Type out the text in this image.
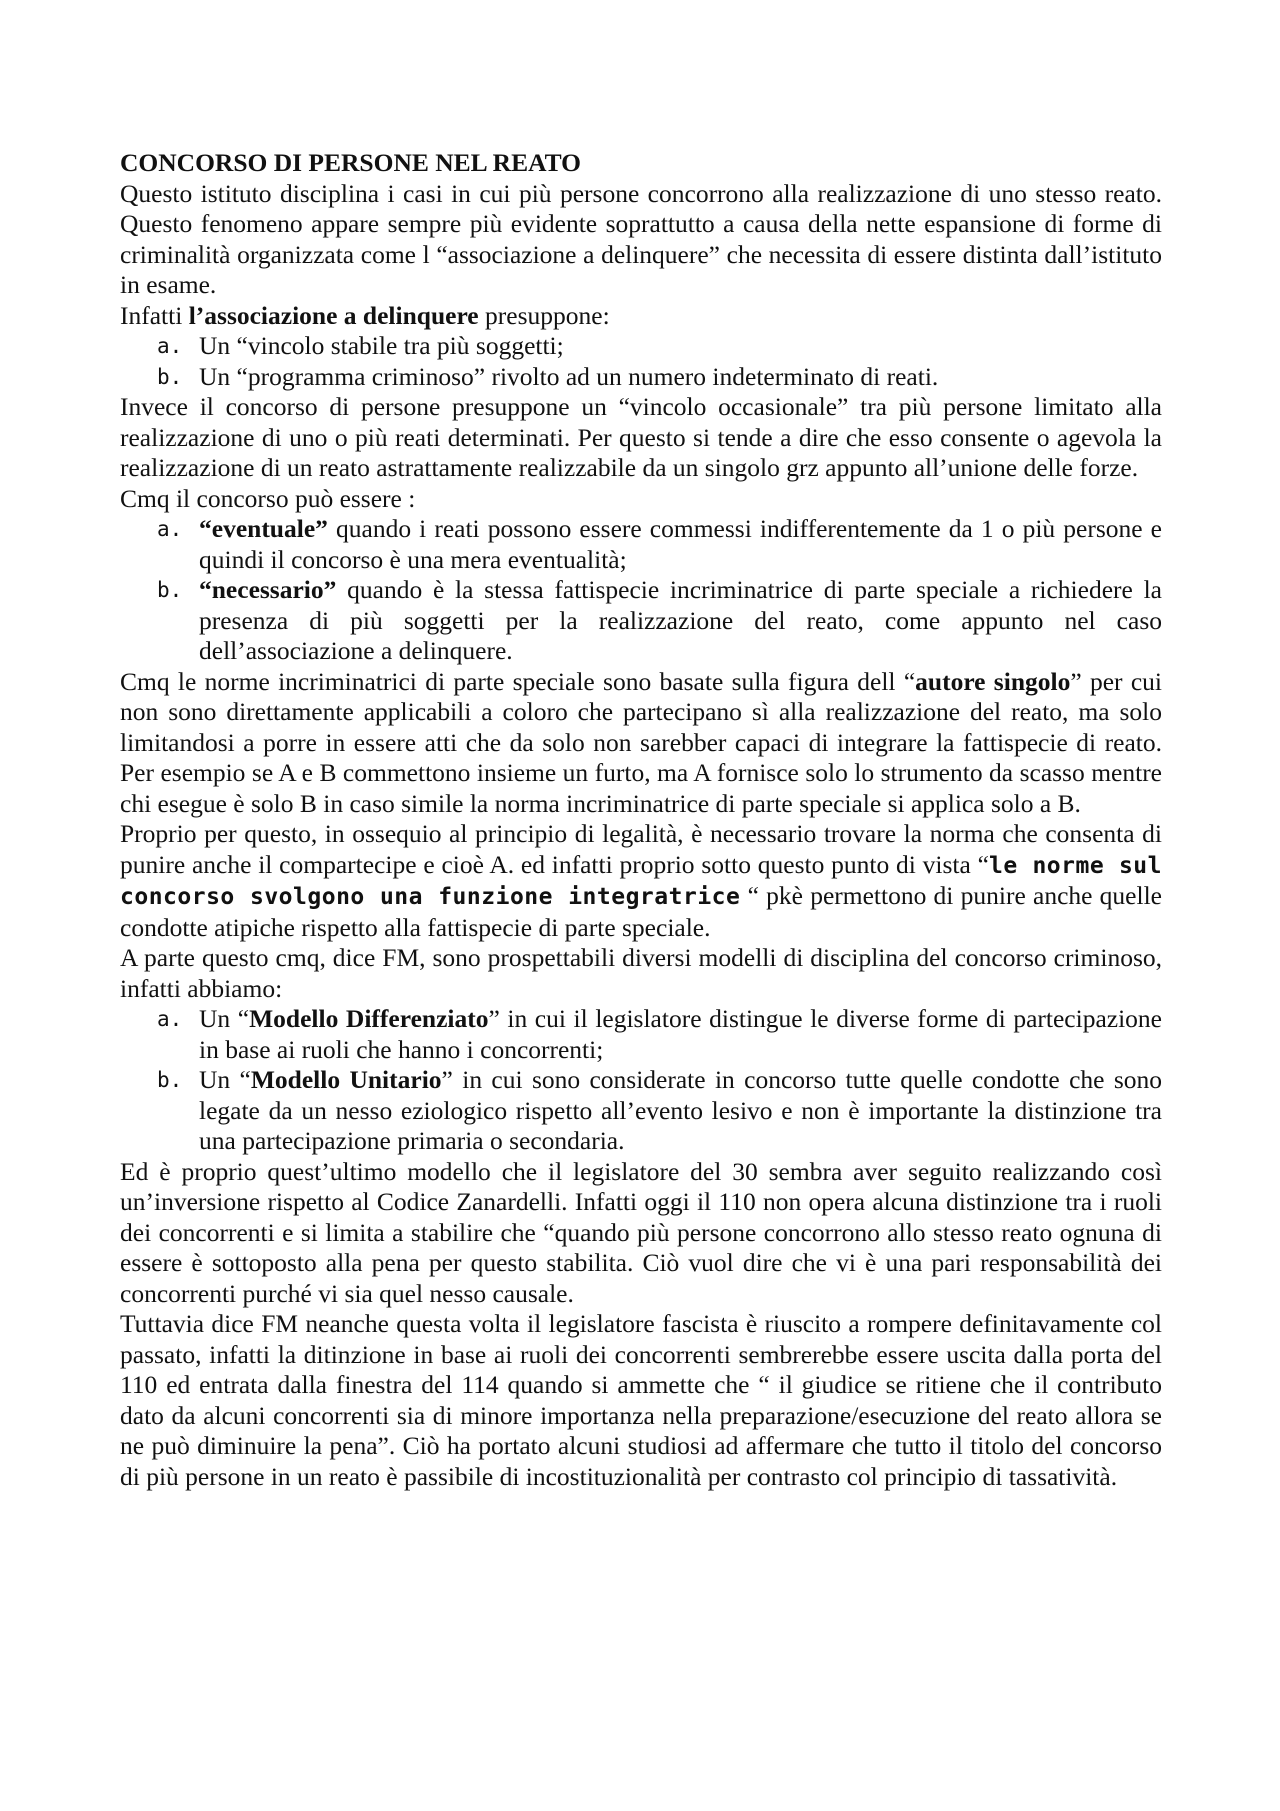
CONCORSO DI PERSONE NEL REATO

Questo istituto disciplina i casi in cui più persone concorrono alla realizzazione di uno stesso reato. Questo fenomeno appare sempre più evidente soprattutto a causa della nette espansione di forme di criminalità organizzata come l “associazione a delinquere” che necessita di essere distinta dall’istituto in esame.

Infatti l’associazione a delinquere presuppone:

a. Un “vincolo stabile tra più soggetti;
b. Un “programma criminoso” rivolto ad un numero indeterminato di reati.

Invece il concorso di persone presuppone un “vincolo occasionale” tra più persone limitato alla realizzazione di uno o più reati determinati. Per questo si tende a dire che esso consente o agevola la realizzazione di un reato astrattamente realizzabile da un singolo grz appunto all’unione delle forze.

Cmq il concorso può essere :

a. “eventuale” quando i reati possono essere commessi indifferentemente da 1 o più persone e quindi il concorso è una mera eventualità;
b. “necessario” quando è la stessa fattispecie incriminatrice di parte speciale a richiedere la presenza di più soggetti per la realizzazione del reato, come appunto nel caso dell’associazione a delinquere.

Cmq le norme incriminatrici di parte speciale sono basate sulla figura dell “autore singolo” per cui non sono direttamente applicabili a coloro che partecipano sì alla realizzazione del reato, ma solo limitandosi a porre in essere atti che da solo non sarebber capaci di integrare la fattispecie di reato. Per esempio se A e B commettono insieme un furto, ma A fornisce solo lo strumento da scasso mentre chi esegue è solo B in caso simile la norma incriminatrice di parte speciale si applica solo a B.

Proprio per questo, in ossequio al principio di legalità, è necessario trovare la norma che consenta di punire anche il compartecipe e cioè A. ed infatti proprio sotto questo punto di vista “le norme sul concorso svolgono una funzione integratrice “ pkè permettono di punire anche quelle condotte atipiche rispetto alla fattispecie di parte speciale.

A parte questo cmq, dice FM, sono prospettabili diversi modelli di disciplina del concorso criminoso, infatti abbiamo:

a. Un “Modello Differenziato” in cui il legislatore distingue le diverse forme di partecipazione in base ai ruoli che hanno i concorrenti;
b. Un “Modello Unitario” in cui sono considerate in concorso tutte quelle condotte che sono legate da un nesso eziologico rispetto all’evento lesivo e non è importante la distinzione tra una partecipazione primaria o secondaria.

Ed è proprio quest’ultimo modello che il legislatore del 30 sembra aver seguito realizzando così un’inversione rispetto al Codice Zanardelli. Infatti oggi il 110 non opera alcuna distinzione tra i ruoli dei concorrenti e si limita a stabilire che “quando più persone concorrono allo stesso reato ognuna di essere è sottoposto alla pena per questo stabilita. Ciò vuol dire che vi è una pari responsabilità dei concorrenti purché vi sia quel nesso causale.

Tuttavia dice FM neanche questa volta il legislatore fascista è riuscito a rompere definitavamente col passato, infatti la ditinzione in base ai ruoli dei concorrenti sembrerebbe essere uscita dalla porta del 110 ed entrata dalla finestra del 114 quando si ammette che “ il giudice se ritiene che il contributo dato da alcuni concorrenti sia di minore importanza nella preparazione/esecuzione del reato allora se ne può diminuire la pena”. Ciò ha portato alcuni studiosi ad affermare che tutto il titolo del concorso di più persone in un reato è passibile di incostituzionalità per contrasto col principio di tassatività.
